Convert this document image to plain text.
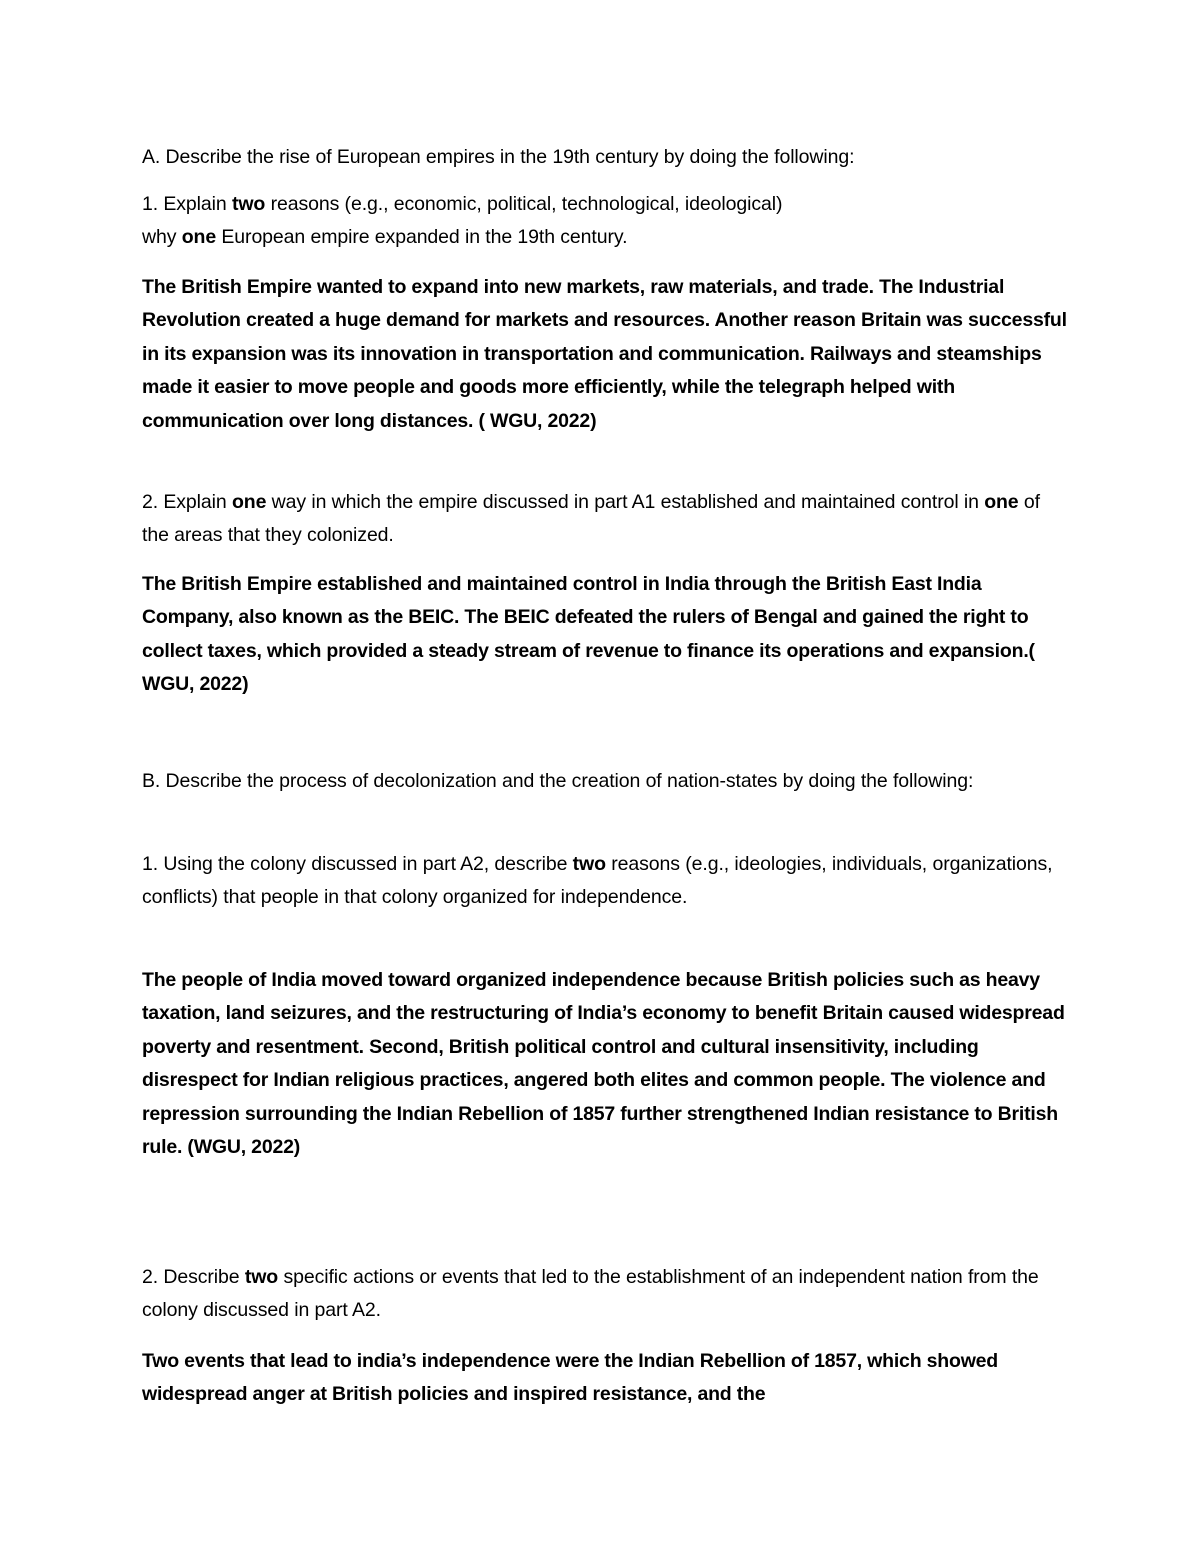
A. Describe the rise of European empires in the 19th century by doing the following:

1. Explain two reasons (e.g., economic, political, technological, ideological)
why one European empire expanded in the 19th century.

The British Empire wanted to expand into new markets, raw materials, and trade. The Industrial Revolution created a huge demand for markets and resources. Another reason Britain was successful in its expansion was its innovation in transportation and communication. Railways and steamships made it easier to move people and goods more efficiently, while the telegraph helped with communication over long distances. ( WGU, 2022)

2. Explain one way in which the empire discussed in part A1 established and maintained control in one of the areas that they colonized.

The British Empire established and maintained control in India through the British East India Company, also known as the BEIC. The BEIC defeated the rulers of Bengal and gained the right to collect taxes, which provided a steady stream of revenue to finance its operations and expansion.( WGU, 2022)

B. Describe the process of decolonization and the creation of nation-states by doing the following:

1. Using the colony discussed in part A2, describe two reasons (e.g., ideologies, individuals, organizations, conflicts) that people in that colony organized for independence.

The people of India moved toward organized independence because British policies such as heavy taxation, land seizures, and the restructuring of India’s economy to benefit Britain caused widespread poverty and resentment. Second, British political control and cultural insensitivity, including disrespect for Indian religious practices, angered both elites and common people. The violence and repression surrounding the Indian Rebellion of 1857 further strengthened Indian resistance to British rule. (WGU, 2022)

2. Describe two specific actions or events that led to the establishment of an independent nation from the colony discussed in part A2.

Two events that lead to india’s independence were the Indian Rebellion of 1857, which showed widespread anger at British policies and inspired resistance, and the
